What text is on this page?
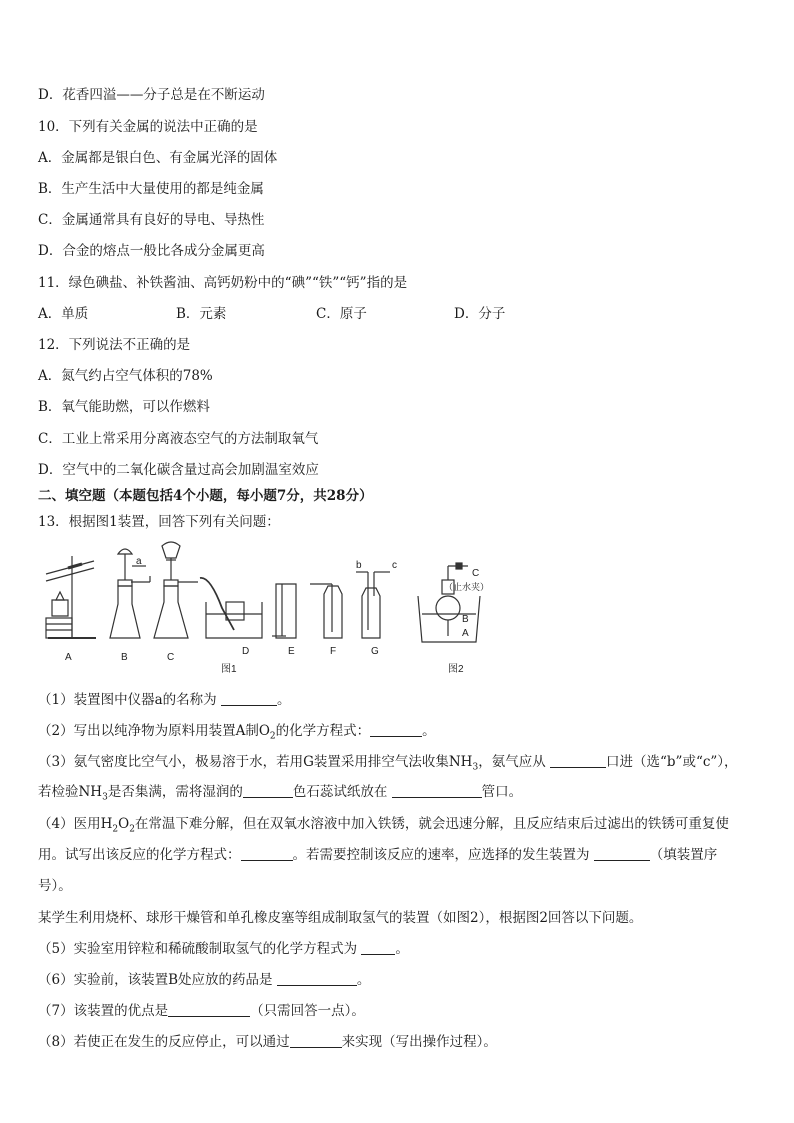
D．花香四溢——分子总是在不断运动
10．下列有关金属的说法中正确的是
A．金属都是银白色、有金属光泽的固体
B．生产生活中大量使用的都是纯金属
C．金属通常具有良好的导电、导热性
D．合金的熔点一般比各成分金属更高
11．绿色碘盐、补铁酱油、高钙奶粉中的“碘”“铁”“钙”指的是
A．单质	B．元素	C．原子	D．分子
12．下列说法不正确的是
A．氮气约占空气体积的78%
B．氧气能助燃，可以作燃料
C．工业上常采用分离液态空气的方法制取氧气
D．空气中的二氧化碳含量过高会加剧温室效应
二、填空题（本题包括4个小题，每小题7分，共28分）
13．根据图1装置，回答下列有关问题：
A	B	C
D	E	F	G
图1	图2
a	b	c
C
（止水夹）
B
A
（1）装置图中仪器a的名称为	。
（2）写出以纯净物为原料用装置A制$O_2$的化学方程式：	。
（3）氨气密度比空气小，极易溶于水，若用G装置采用排空气法收集$NH_3$，氨气应从	口进（选“b”或“c”），
若检验$NH_3$是否集满，需将湿润的	色石蕊试纸放在	管口。
（4）医用$H_2O_2$在常温下难分解，但在双氧水溶液中加入铁锈，就会迅速分解，且反应结束后过滤出的铁锈可重复使
用。试写出该反应的化学方程式：	。若需要控制该反应的速率，应选择的发生装置为	（填装置序
号）。
某学生利用烧杯、球形干燥管和单孔橡皮塞等组成制取氢气的装置（如图2），根据图2回答以下问题。
（5）实验室用锌粒和稀硫酸制取氢气的化学方程式为	。
（6）实验前，该装置B处应放的药品是	。
（7）该装置的优点是	（只需回答一点）。
（8）若使正在发生的反应停止，可以通过	来实现（写出操作过程）。
